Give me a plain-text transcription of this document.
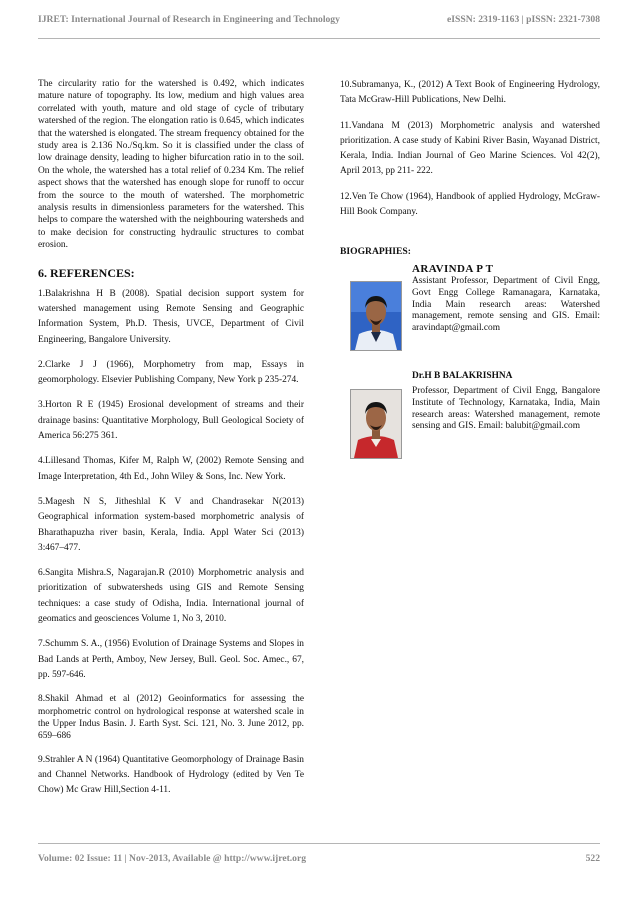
IJRET: International Journal of Research in Engineering and Technology	eISSN: 2319-1163 | pISSN: 2321-7308

The circularity ratio for the watershed is 0.492, which indicates mature nature of topography. Its low, medium and high values area correlated with youth, mature and old stage of cycle of tributary watershed of the region. The elongation ratio is 0.645, which indicates that the watershed is elongated. The stream frequency obtained for the study area is 2.136 No./Sq.km. So it is classified under the class of low drainage density, leading to higher bifurcation ratio in to the soil. On the whole, the watershed has a total relief of 0.234 Km. The relief aspect shows that the watershed has enough slope for runoff to occur from the source to the mouth of watershed. The morphometric analysis results in dimensionless parameters for the watershed. This helps to compare the watershed with the neighbouring watersheds and to make decision for constructing hydraulic structures to combat erosion.

6. REFERENCES:

1.Balakrishna H B (2008). Spatial decision support system for watershed management using Remote Sensing and Geographic Information System, Ph.D. Thesis, UVCE, Department of Civil Engineering, Bangalore University.

2.Clarke J J (1966), Morphometry from map, Essays in geomorphology. Elsevier Publishing Company, New York p 235-274.

3.Horton R E (1945) Erosional development of streams and their drainage basins: Quantitative Morphology, Bull Geological Society of America 56:275 361.

4.Lillesand Thomas, Kifer M, Ralph W, (2002) Remote Sensing and Image Interpretation, 4th Ed., John Wiley & Sons, Inc. New York.

5.Magesh N S, Jitheshlal K V and Chandrasekar N(2013) Geographical information system-based morphometric analysis of Bharathapuzha river basin, Kerala, India. Appl Water Sci (2013) 3:467–477.

6.Sangita Mishra.S, Nagarajan.R (2010) Morphometric analysis and prioritization of subwatersheds using GIS and Remote Sensing techniques: a case study of Odisha, India. International journal of geomatics and geosciences Volume 1, No 3, 2010.

7.Schumm S. A., (1956) Evolution of Drainage Systems and Slopes in Bad Lands at Perth, Amboy, New Jersey, Bull. Geol. Soc. Amec., 67, pp. 597-646.

8.Shakil Ahmad et al (2012) Geoinformatics for assessing the morphometric control on hydrological response at watershed scale in the Upper Indus Basin. J. Earth Syst. Sci. 121, No. 3. June 2012, pp. 659–686

9.Strahler A N (1964) Quantitative Geomorphology of Drainage Basin and Channel Networks. Handbook of Hydrology (edited by Ven Te Chow) Mc Graw Hill,Section 4-11.

10.Subramanya, K., (2012) A Text Book of Engineering Hydrology, Tata McGraw-Hill Publications, New Delhi.

11.Vandana M (2013) Morphometric analysis and watershed prioritization. A case study of Kabini River Basin, Wayanad District, Kerala, India. Indian Journal of Geo Marine Sciences. Vol 42(2), April 2013, pp 211- 222.

12.Ven Te Chow (1964), Handbook of applied Hydrology, McGraw-Hill Book Company.

BIOGRAPHIES:
ARAVINDA P T

Assistant Professor, Department of Civil Engg, Govt Engg College Ramanagara, Karnataka, India Main research areas: Watershed management, remote sensing and GIS. Email: aravindapt@gmail.com

Dr.H B BALAKRISHNA

Professor, Department of Civil Engg, Bangalore Institute of Technology, Karnataka, India, Main research areas: Watershed management, remote sensing and GIS. Email: balubit@gmail.com

Volume: 02 Issue: 11 | Nov-2013, Available @ http://www.ijret.org	522
